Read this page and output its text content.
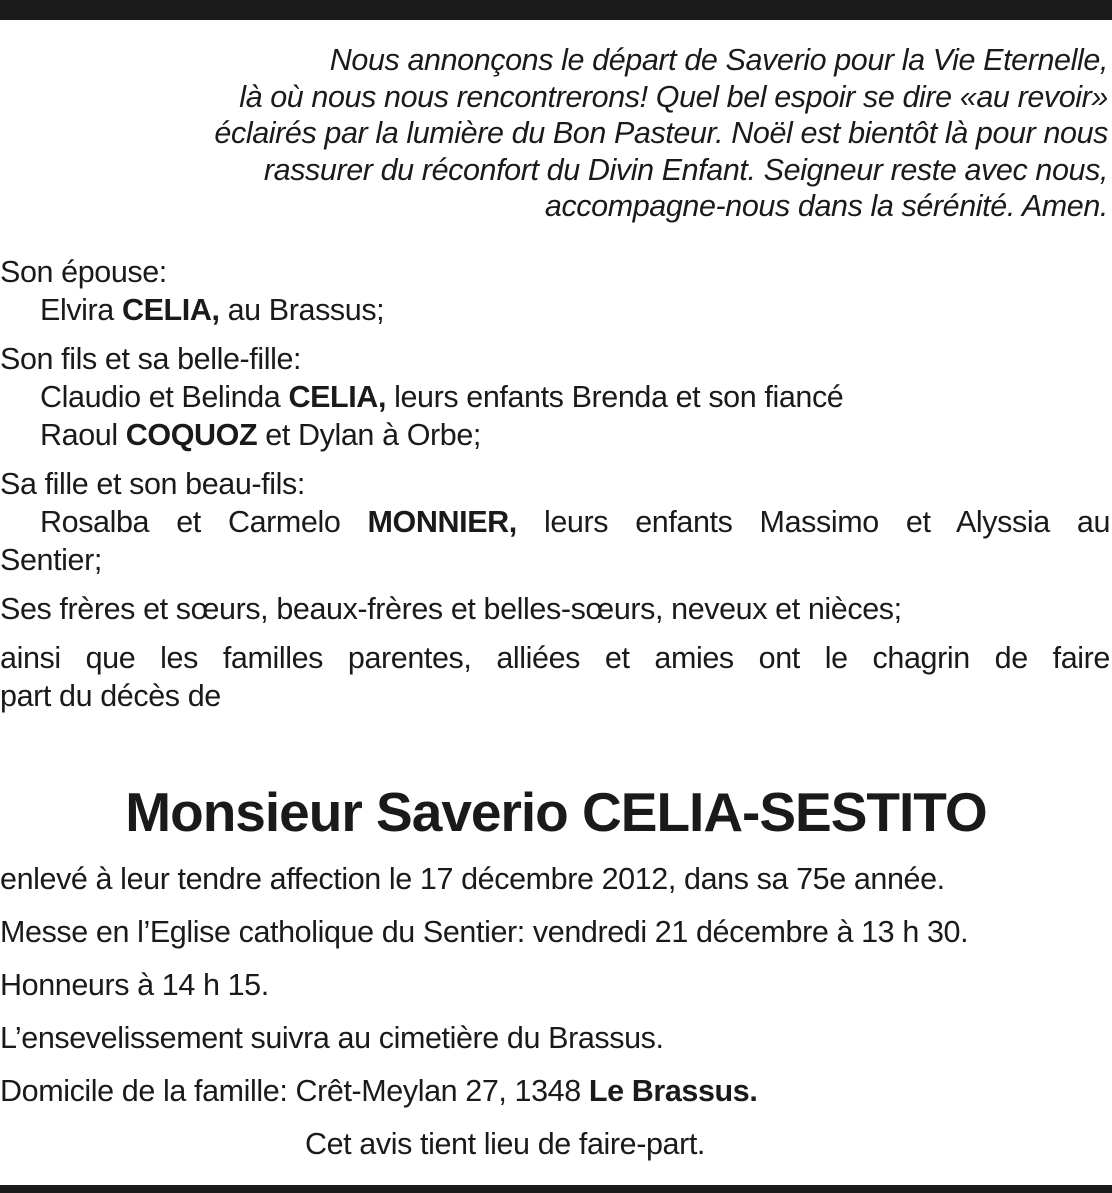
Nous annonçons le départ de Saverio pour la Vie Eternelle,
là où nous nous rencontrerons! Quel bel espoir se dire «au revoir»
éclairés par la lumière du Bon Pasteur. Noël est bientôt là pour nous
rassurer du réconfort du Divin Enfant. Seigneur reste avec nous,
accompagne-nous dans la sérénité. Amen.
Son épouse:
Elvira CELIA, au Brassus;
Son fils et sa belle-fille:
Claudio et Belinda CELIA, leurs enfants Brenda et son fiancé
Raoul COQUOZ et Dylan à Orbe;
Sa fille et son beau-fils:
Rosalba et Carmelo MONNIER, leurs enfants Massimo et Alyssia au
Sentier;
Ses frères et sœurs, beaux-frères et belles-sœurs, neveux et nièces;
ainsi que les familles parentes, alliées et amies ont le chagrin de faire
part du décès de
Monsieur Saverio CELIA-SESTITO
enlevé à leur tendre affection le 17 décembre 2012, dans sa 75e année.
Messe en l’Eglise catholique du Sentier: vendredi 21 décembre à 13 h 30.
Honneurs à 14 h 15.
L’ensevelissement suivra au cimetière du Brassus.
Domicile de la famille: Crêt-Meylan 27, 1348 Le Brassus.
Cet avis tient lieu de faire-part.
